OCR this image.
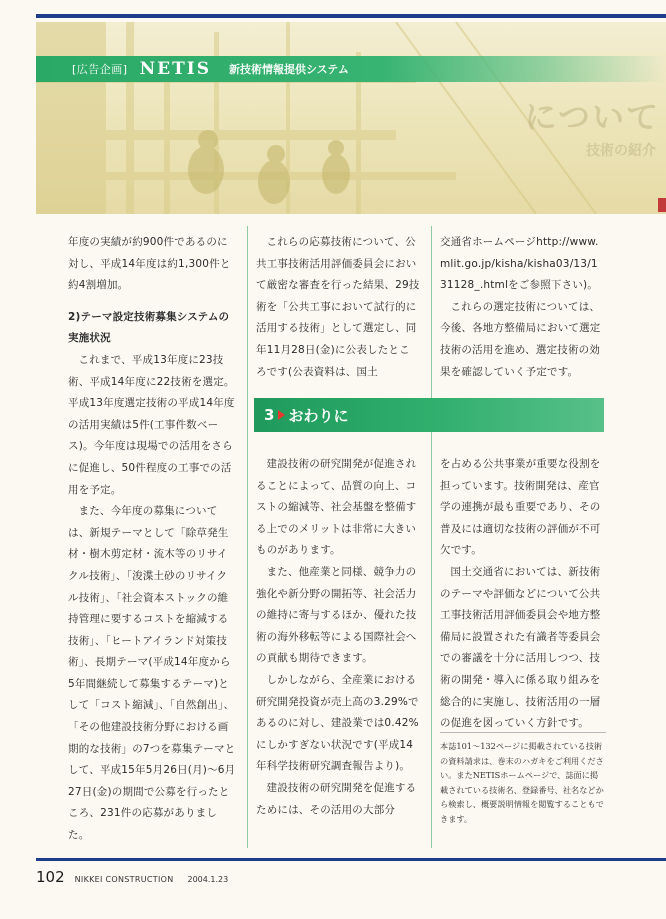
[広告企画] NETIS 新技術情報提供システム
について
技術の紹介

年度の実績が約900件であるのに対し、平成14年度は約1,300件と約4割増加。

2)テーマ設定技術募集システムの実施状況

これまで、平成13年度に23技術、平成14年度に22技術を選定。平成13年度選定技術の平成14年度の活用実績は5件(工事件数ベース)。今年度は現場での活用をさらに促進し、50件程度の工事での活用を予定。

また、今年度の募集については、新規テーマとして「除草発生材・樹木剪定材・流木等のリサイクル技術」、「浚渫土砂のリサイクル技術」、「社会資本ストックの維持管理に要するコストを縮減する技術」、「ヒートアイランド対策技術」、長期テーマ(平成14年度から5年間継続して募集するテーマ)として「コスト縮減」、「自然創出」、「その他建設技術分野における画期的な技術」の7つを募集テーマとして、平成15年5月26日(月)〜6月27日(金)の期間で公募を行ったところ、231件の応募がありました。

これらの応募技術について、公共工事技術活用評価委員会において厳密な審査を行った結果、29技術を「公共工事において試行的に活用する技術」として選定し、同年11月28日(金)に公表したところです(公表資料は、国土

3 おわりに

建設技術の研究開発が促進されることによって、品質の向上、コストの縮減等、社会基盤を整備する上でのメリットは非常に大きいものがあります。

また、他産業と同様、競争力の強化や新分野の開拓等、社会活力の維持に寄与するほか、優れた技術の海外移転等による国際社会への貢献も期待できます。

しかしながら、全産業における研究開発投資が売上高の3.29%であるのに対し、建設業では0.42%にしかすぎない状況です(平成14年科学技術研究調査報告より)。

建設技術の研究開発を促進するためには、その活用の大部分

交通省ホームページhttp://www.mlit.go.jp/kisha/kisha03/13/131128_.htmlをご参照下さい)。

これらの選定技術については、今後、各地方整備局において選定技術の活用を進め、選定技術の効果を確認していく予定です。

を占める公共事業が重要な役割を担っています。技術開発は、産官学の連携が最も重要であり、その普及には適切な技術の評価が不可欠です。

国土交通省においては、新技術のテーマや評価などについて公共工事技術活用評価委員会や地方整備局に設置された有識者等委員会での審議を十分に活用しつつ、技術の開発・導入に係る取り組みを総合的に実施し、技術活用の一層の促進を図っていく方針です。

本誌101〜132ページに掲載されている技術の資料請求は、巻末のハガキをご利用ください。またNETISホームページで、誌面に掲載されている技術名、登録番号、社名などから検索し、概要説明情報を閲覧することもできます。
102 NIKKEI CONSTRUCTION 2004.1.23
